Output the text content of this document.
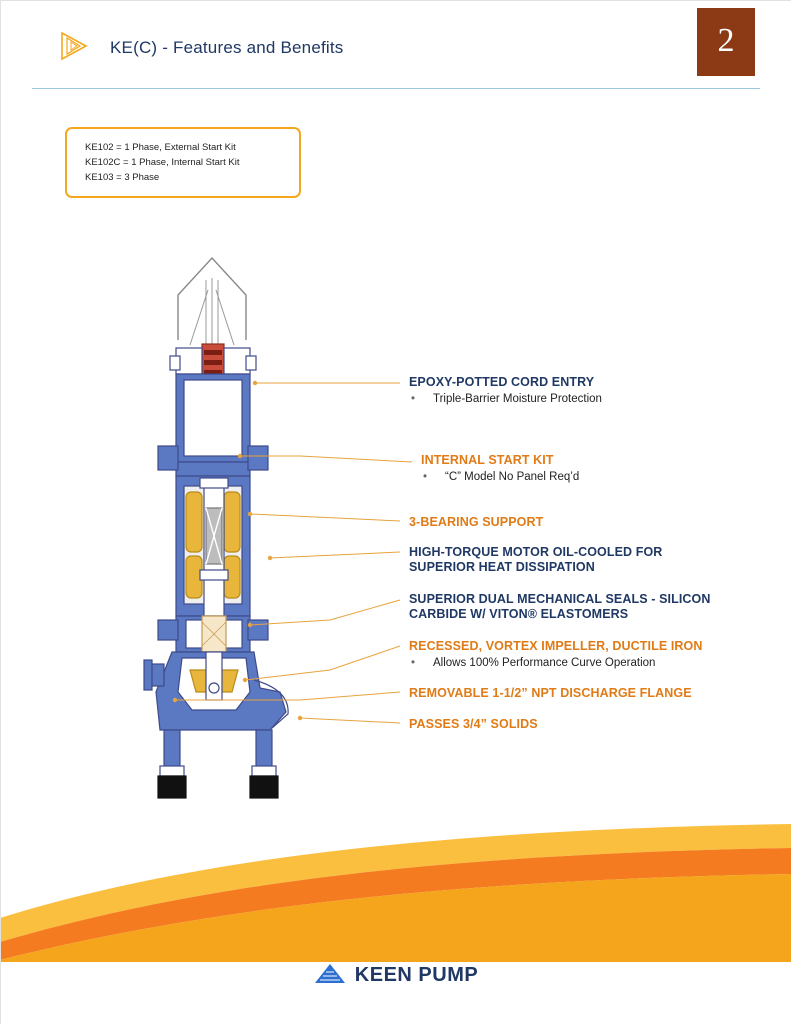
KE(C) - Features and Benefits	2
KE102 = 1 Phase, External Start Kit
KE102C = 1 Phase, Internal Start Kit
KE103 = 3 Phase
EPOXY-POTTED CORD ENTRY
• Triple-Barrier Moisture Protection
INTERNAL START KIT
• “C” Model No Panel Req’d
3-BEARING SUPPORT
HIGH-TORQUE MOTOR OIL-COOLED FOR
SUPERIOR HEAT DISSIPATION
SUPERIOR DUAL MECHANICAL SEALS - SILICON
CARBIDE W/ VITON® ELASTOMERS
RECESSED, VORTEX IMPELLER, DUCTILE IRON
• Allows 100% Performance Curve Operation
REMOVABLE 1-1/2” NPT DISCHARGE FLANGE
PASSES 3/4” SOLIDS
KEEN PUMP
